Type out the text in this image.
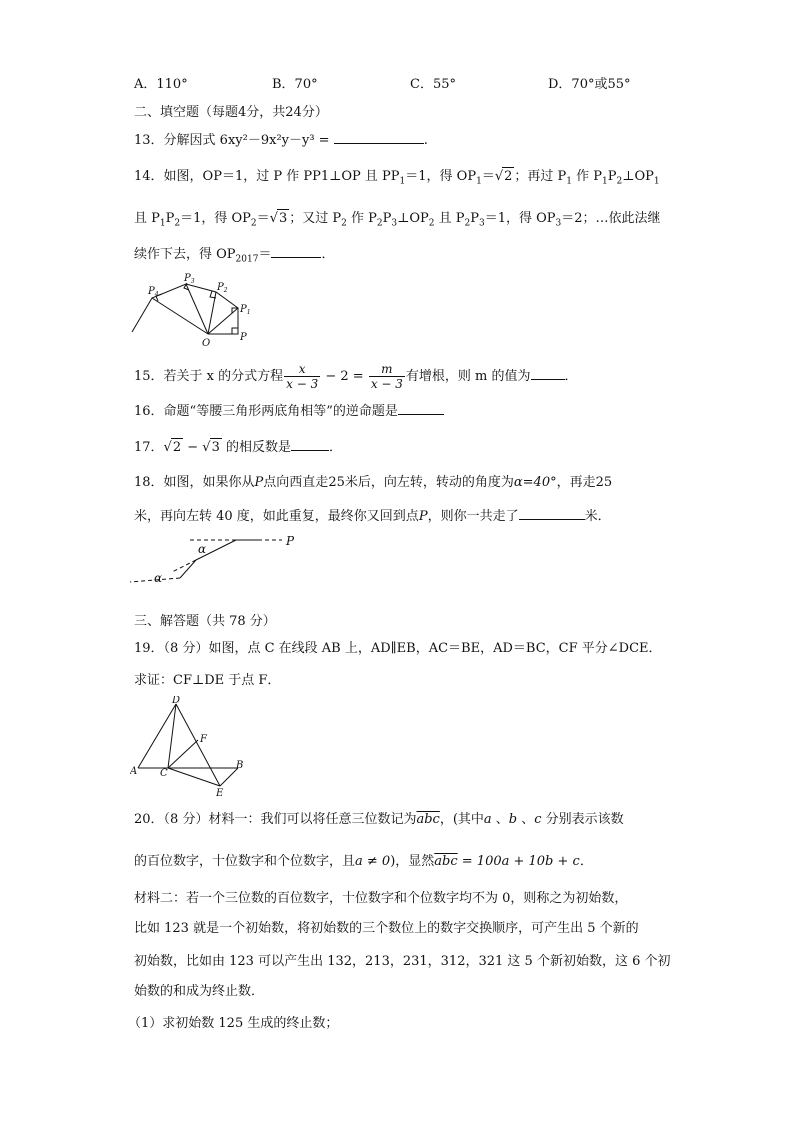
A．110°	B．70°	C．55°	D．70°或55°
二、填空题（每题4分，共24分）
13．分解因式 6xy²－9x²y－y³ =	.
14．如图，OP＝1，过 P 作 PP1⊥OP 且 $PP_1=1$，得 $OP_1=√2$ ；再过 $P_1$ 作 $P_1P_2\perp OP_1$
且 $P_1P_2=1$，得 $OP_2=√3$ ；又过 $P_2$ 作 $P_2P_3\perp OP_2$ 且 $P_2P_3=1$，得 $OP_3=2$；…依此法继
续作下去，得 $OP_{2017}=$	．
$P_4$
$P_3$
$P_2$
$P_1$
P
O
15．若关于 x 的分式方程 $\frac{x}{x - 3} - 2 = \frac{m}{x - 3}$ 有增根，则 m 的值为	．
16．命题“等腰三角形两底角相等”的逆命题是
17．√2 − √3 的相反数是	．
18．如图，如果你从P点向西直走25米后，向左转，转动的角度为α=40°，再走25
米，再向左转 40 度，如此重复，最终你又回到点P，则你一共走了	米．
P
α
α
三、解答题（共 78 分）
19．（8 分）如图，点 C 在线段 AB 上，AD∥EB，AC＝BE，AD＝BC，CF 平分∠DCE．
求证：CF⊥DE 于点 F．
D
F
A C
B
E
20．（8 分）材料一：我们可以将任意三位数记为$\overline{abc}$，(其中a 、b 、c 分别表示该数
的百位数字，十位数字和个位数字，且a ≠ 0)，显然$\overline{abc} = 100a + 10b + c$．
材料二：若一个三位数的百位数字，十位数字和个位数字均不为 0，则称之为初始数，
比如 123 就是一个初始数，将初始数的三个数位上的数字交换顺序，可产生出 5 个新的
初始数，比如由 123 可以产生出 132，213，231，312，321 这 5 个新初始数，这 6 个初
始数的和成为终止数．
（1）求初始数 125 生成的终止数；
